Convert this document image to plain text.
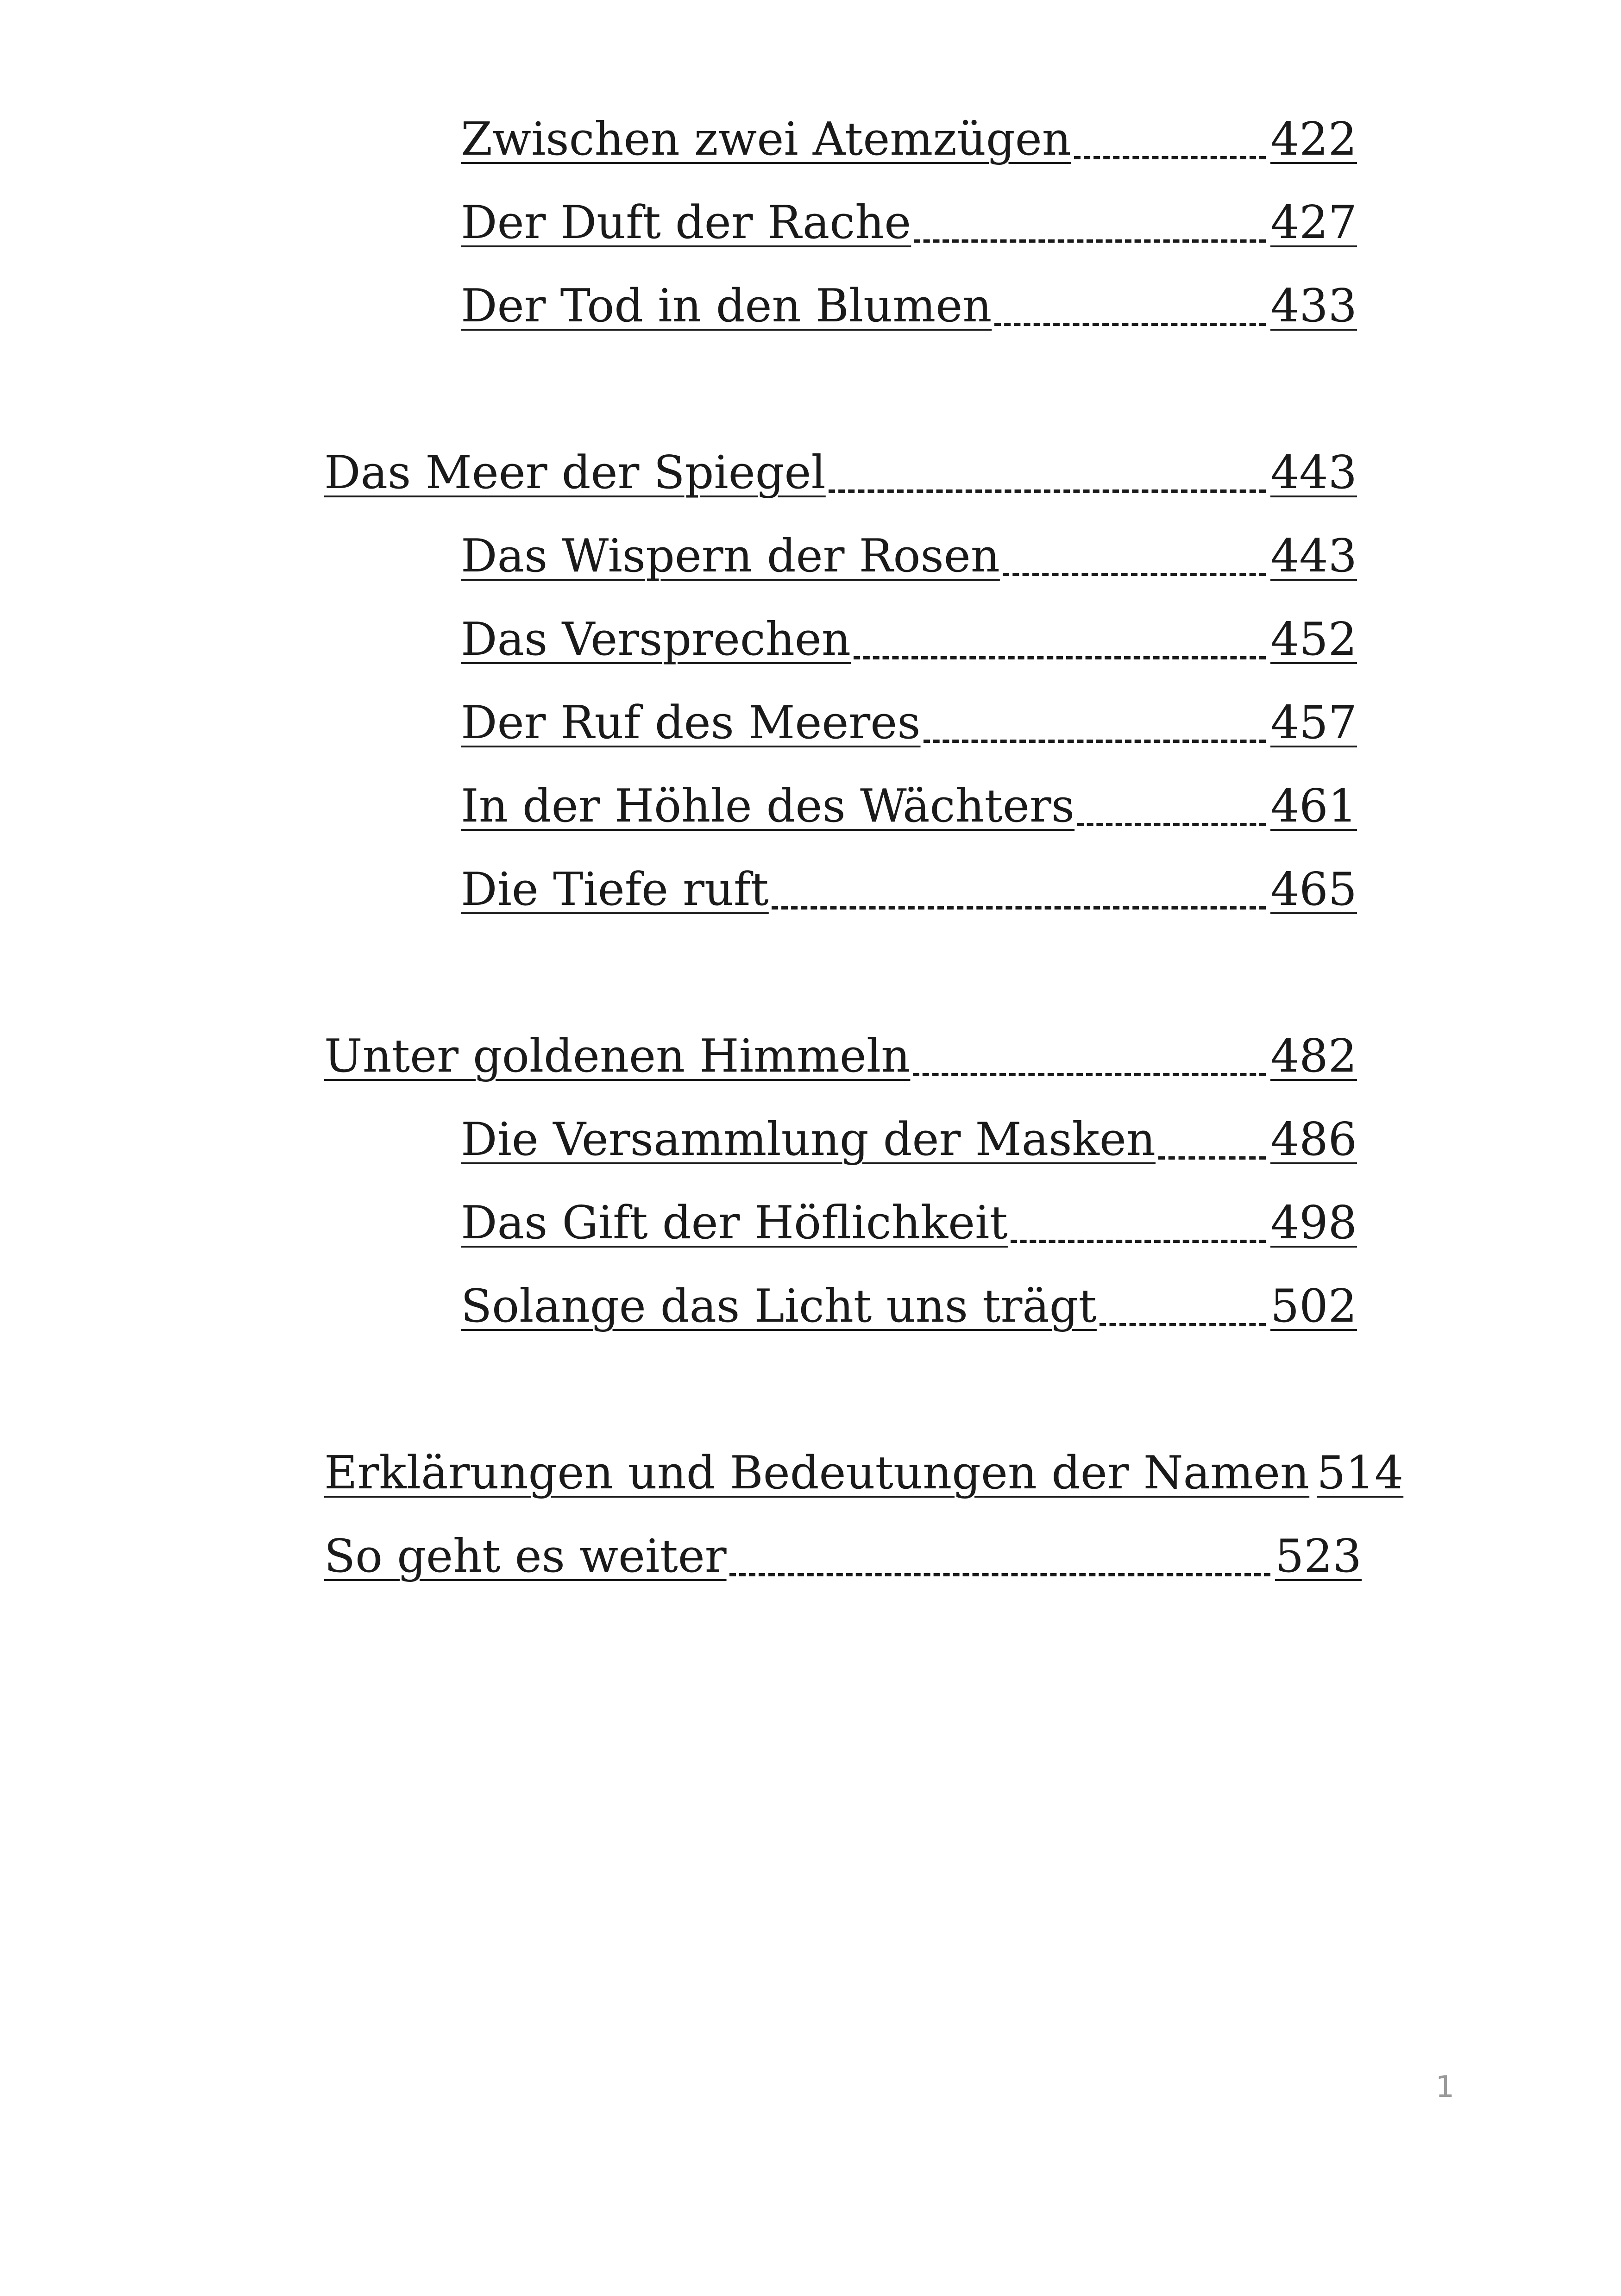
Zwischen zwei Atemzügen	422
Der Duft der Rache	427
Der Tod in den Blumen	433
Das Meer der Spiegel	443
Das Wispern der Rosen	443
Das Versprechen	452
Der Ruf des Meeres	457
In der Höhle des Wächters	461
Die Tiefe ruft	465
Unter goldenen Himmeln	482
Die Versammlung der Masken	486
Das Gift der Höflichkeit	498
Solange das Licht uns trägt	502
Erklärungen und Bedeutungen der Namen 514
So geht es weiter	523
1
